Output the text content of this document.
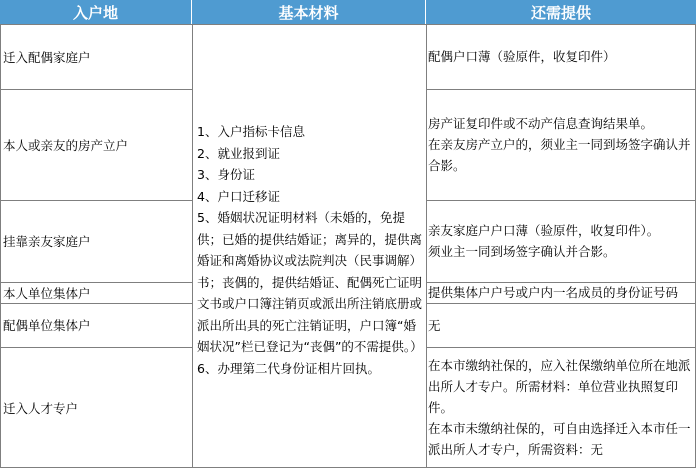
入户地	基本材料	还需提供
迁入配偶家庭户
本人或亲友的房产立户
挂靠亲友家庭户
本人单位集体户
配偶单位集体户
迁入人才专户

1、入户指标卡信息

2、就业报到证

3、身份证

4、户口迁移证

5、婚姻状况证明材料（未婚的，免提供；已婚的提供结婚证；离异的，提供离婚证和离婚协议或法院判决（民事调解）书；丧偶的，提供结婚证、配偶死亡证明文书或户口簿注销页或派出所注销底册或派出所出具的死亡注销证明，户口簿“婚姻状况”栏已登记为“丧偶”的不需提供。）

6、办理第二代身份证相片回执。

配偶户口薄（验原件，收复印件）

房产证复印件或不动产信息查询结果单。

在亲友房产立户的，须业主一同到场签字确认并合影。

亲友家庭户户口薄（验原件，收复印件）。

须业主一同到场签字确认并合影。

提供集体户户号或户内一名成员的身份证号码

无

在本市缴纳社保的，应入社保缴纳单位所在地派出所人才专户。所需材料：单位营业执照复印件。

在本市未缴纳社保的，可自由选择迁入本市任一派出所人才专户，所需资料：无
